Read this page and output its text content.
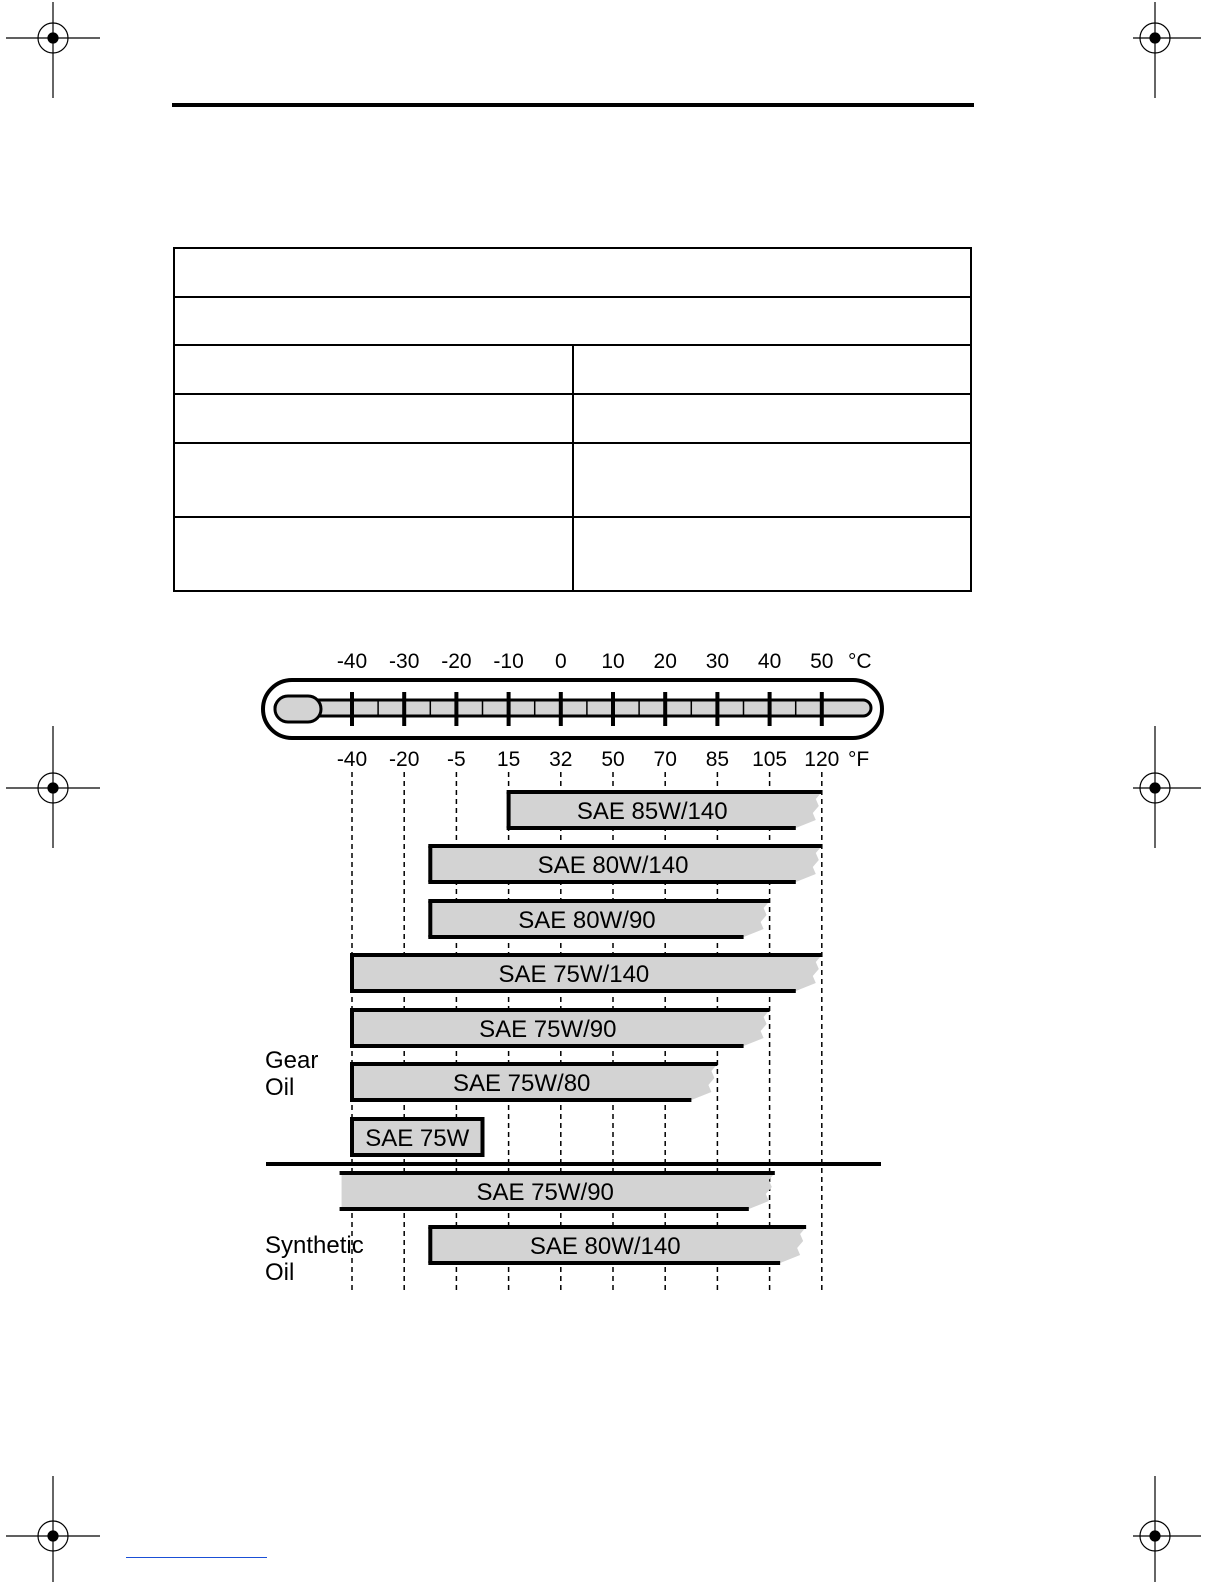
-40 -30 -20 -10 0 10 20 30 40 50
-40 -20 -5 15 32 50 70 85 105 120
°C
°F
SAE 85W/140
SAE 80W/140
SAE 80W/90
SAE 75W/140
SAE 75W/90
SAE 75W/80
SAE 75W
SAE 75W/90
SAE 80W/140
Gear
Oil
Synthetic
Oil
